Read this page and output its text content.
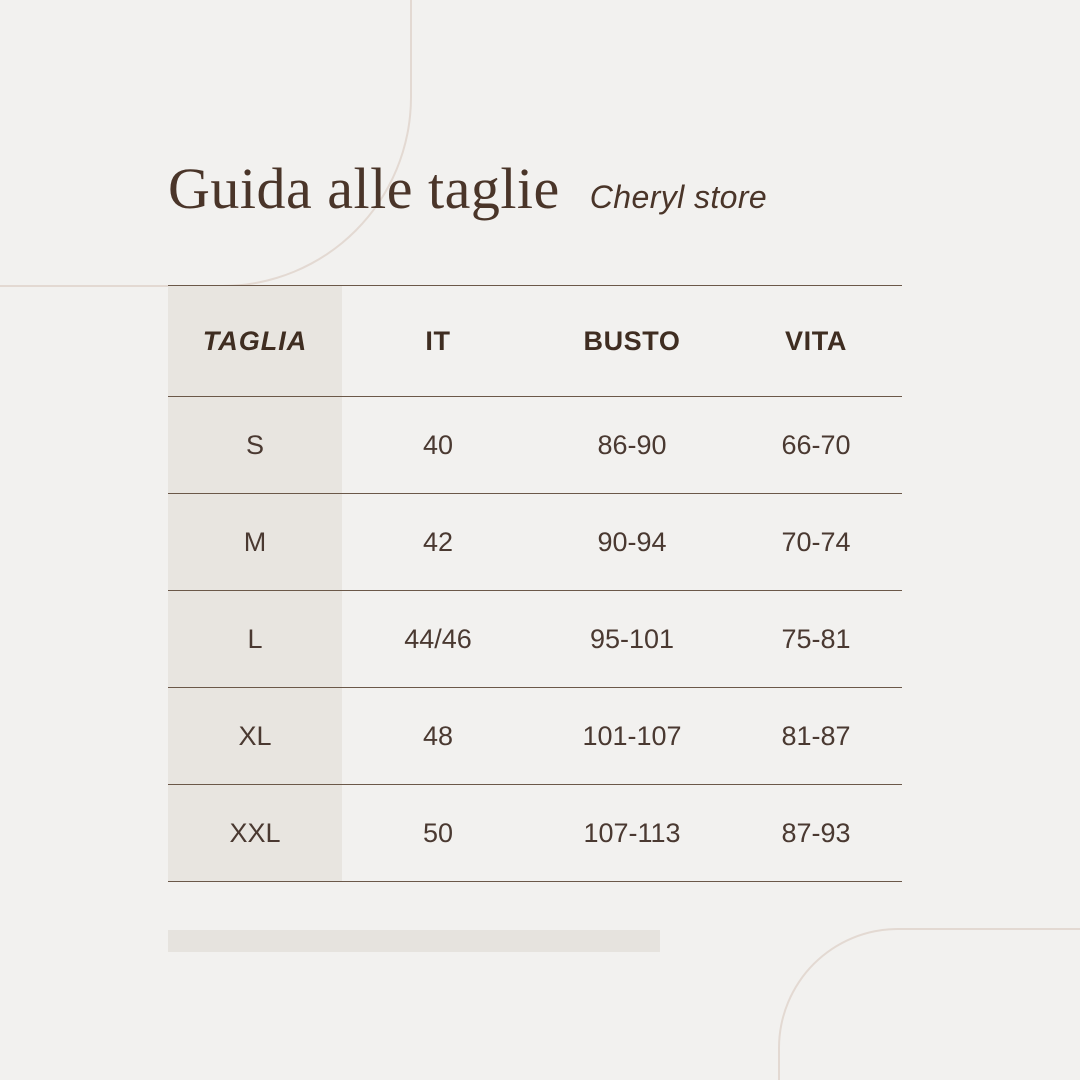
Guida alle taglie Cheryl store
TAGLIA	IT	BUSTO	VITA
S	40	86-90	66-70
M	42	90-94	70-74
L	44/46	95-101	75-81
XL	48	101-107	81-87
XXL	50	107-113	87-93
